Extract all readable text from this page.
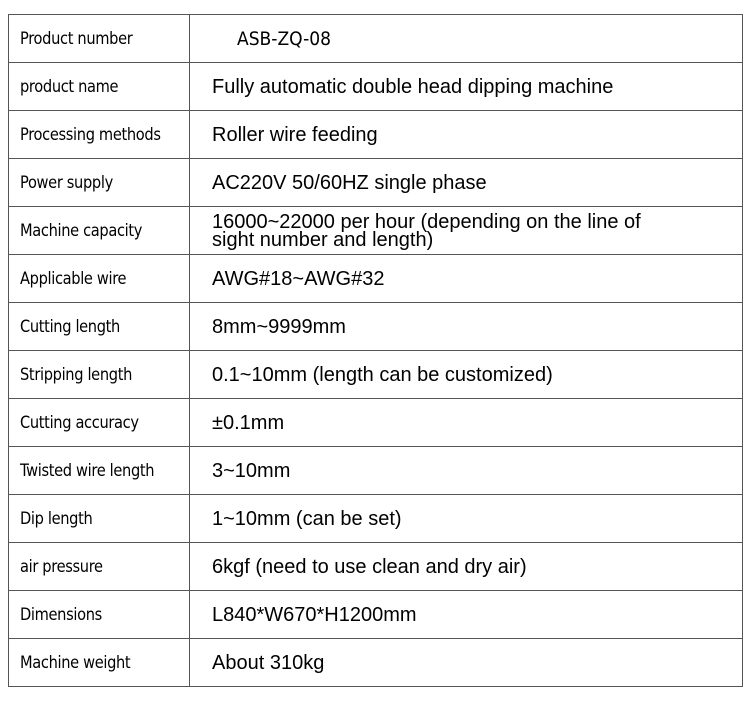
Product number	ASB-ZQ-08
product name	Fully automatic double head dipping machine
Processing methods	Roller wire feeding
Power supply	AC220V 50/60HZ single phase
Machine capacity	16000~22000 per hour (depending on the line of
sight number and length)
Applicable wire	AWG#18~AWG#32
Cutting length	8mm~9999mm
Stripping length	0.1~10mm (length can be customized)
Cutting accuracy	±0.1mm
Twisted wire length	3~10mm
Dip length	1~10mm (can be set)
air pressure	6kgf (need to use clean and dry air)
Dimensions	L840*W670*H1200mm
Machine weight	About 310kg
